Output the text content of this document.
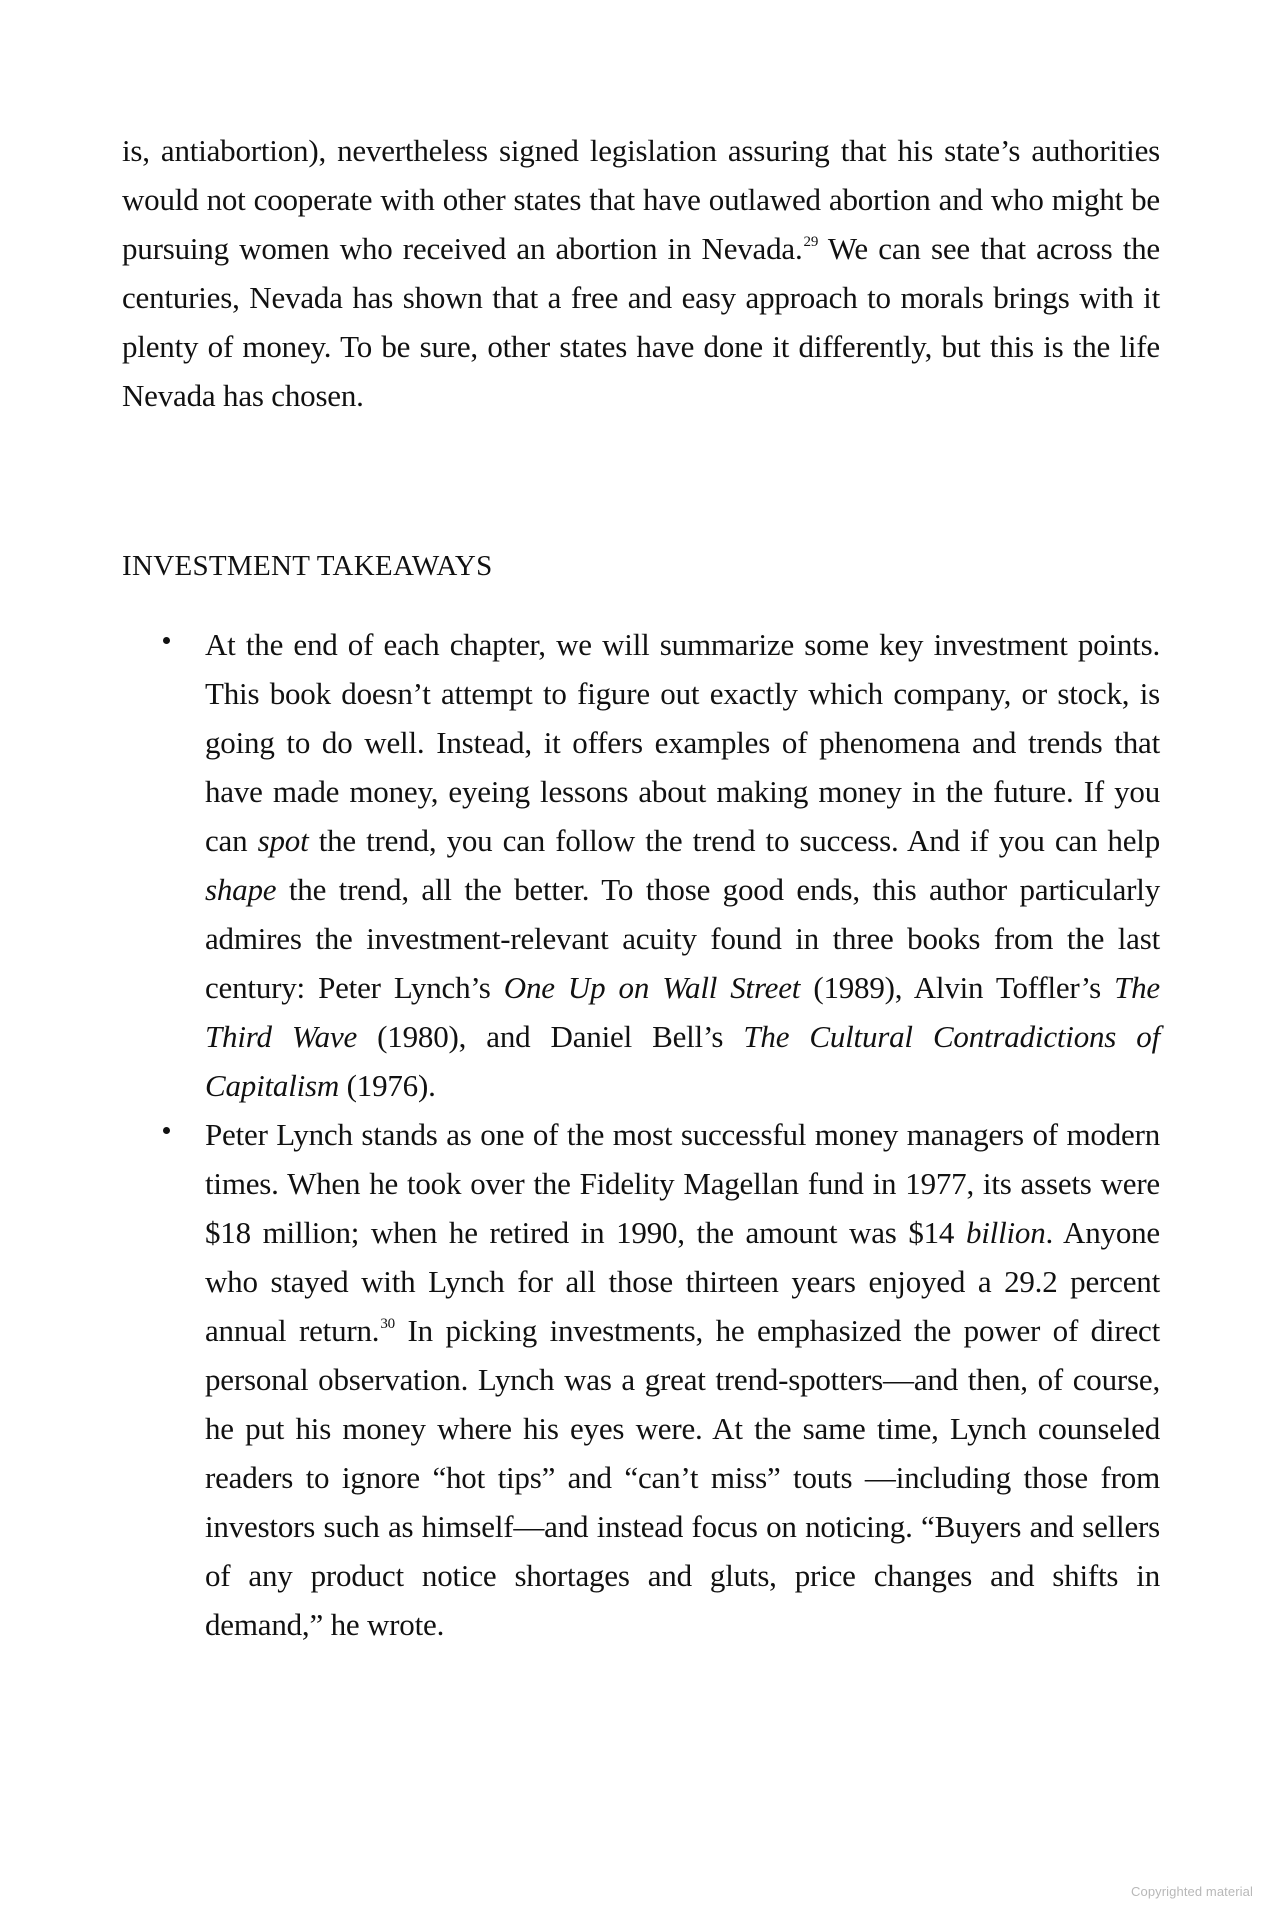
is, antiabortion), nevertheless signed legislation assuring that his state’s authorities would not cooperate with other states that have outlawed abortion and who might be pursuing women who received an abortion in Nevada.$^{29}$ We can see that across the centuries, Nevada has shown that a free and easy approach to morals brings with it plenty of money. To be sure, other states have done it differently, but this is the life Nevada has chosen.

INVESTMENT TAKEAWAYS

At the end of each chapter, we will summarize some key investment points. This book doesn’t attempt to figure out exactly which company, or stock, is going to do well. Instead, it offers examples of phenomena and trends that have made money, eyeing lessons about making money in the future. If you can spot the trend, you can follow the trend to success. And if you can help shape the trend, all the better. To those good ends, this author particularly admires the investment-relevant acuity found in three books from the last century: Peter Lynch’s One Up on Wall Street (1989), Alvin Toffler’s The Third Wave (1980), and Daniel Bell’s The Cultural Contradictions of Capitalism (1976).

Peter Lynch stands as one of the most successful money managers of modern times. When he took over the Fidelity Magellan fund in 1977, its assets were $18 million; when he retired in 1990, the amount was $14 billion. Anyone who stayed with Lynch for all those thirteen years enjoyed a 29.2 percent annual return.$^{30}$ In picking investments, he emphasized the power of direct personal observation. Lynch was a great trend-spotters—and then, of course, he put his money where his eyes were. At the same time, Lynch counseled readers to ignore “hot tips” and “can’t miss” touts —including those from investors such as himself—and instead focus on noticing. “Buyers and sellers of any product notice shortages and gluts, price changes and shifts in demand,” he wrote.

Copyrighted material
